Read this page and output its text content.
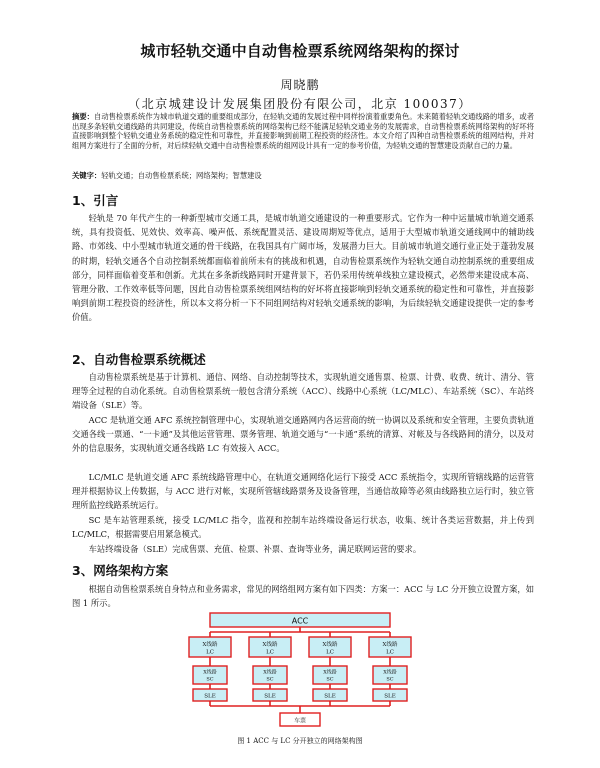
城市轻轨交通中自动售检票系统网络架构的探讨
周晓鹏
（北京城建设计发展集团股份有限公司，北京 100037）
摘要：自动售检票系统作为城市轨道交通的重要组成部分，在轻轨交通的发展过程中同样扮演着重要角色。未来随着轻轨交通线路的增多，或者出现多条轻轨交通线路的共同建设，传统自动售检票系统的网络架构已经不能满足轻轨交通业务的发展需求，自动售检票系统网络架构的好坏将直接影响到整个轻轨交通业务系统的稳定性和可靠性，并直接影响到前期工程投资的经济性。本文介绍了四种自动售检票系统的组网结构，并对组网方案进行了全面的分析，对后续轻轨交通中自动售检票系统的组网设计具有一定的参考价值，为轻轨交通的智慧建设贡献自己的力量。
关键字：轻轨交通；自动售检票系统；网络架构；智慧建设
1、引言
轻轨是 70 年代产生的一种新型城市交通工具，是城市轨道交通建设的一种重要形式。它作为一种中运量城市轨道交通系统，具有投资低、见效快、效率高、噪声低、系统配置灵活、建设周期短等优点，适用于大型城市轨道交通线网中的辅助线路、市郊线、中小型城市轨道交通的骨干线路，在我国具有广阔市场，发展潜力巨大。目前城市轨道交通行业正处于蓬勃发展的时期，轻轨交通各个自动控制系统都面临着前所未有的挑战和机遇，自动售检票系统作为轻轨交通自动控制系统的重要组成部分，同样面临着变革和创新。尤其在多条新线路同时开建背景下，若仍采用传统单线独立建设模式，必然带来建设成本高、管理分散、工作效率低等问题，因此自动售检票系统组网结构的好坏将直接影响到轻轨交通系统的稳定性和可靠性，并直接影响到前期工程投资的经济性，所以本文将分析一下不同组网结构对轻轨交通系统的影响，为后续轻轨交通建设提供一定的参考价值。
2、自动售检票系统概述
自动售检票系统是基于计算机、通信、网络、自动控制等技术，实现轨道交通售票、检票、计费、收费、统计、清分、管理等全过程的自动化系统。自动售检票系统一般包含清分系统（ACC）、线路中心系统（LC/MLC）、车站系统（SC）、车站终端设备（SLE）等。
ACC 是轨道交通 AFC 系统控制管理中心，实现轨道交通路网内各运营商的统一协调以及系统和安全管理，主要负责轨道交通各线一票通、“一卡通”及其他运营管理、票务管理、轨道交通与“一卡通”系统的清算、对帐及与各线路间的清分，以及对外的信息服务，实现轨道交通各线路 LC 有效接入 ACC。
LC/MLC 是轨道交通 AFC 系统线路管理中心，在轨道交通网络化运行下接受 ACC 系统指令，实现所管辖线路的运营管理并根据协议上传数据，与 ACC 进行对帐，实现所管辖线路票务及设备管理，当通信故障等必须由线路独立运行时，独立管理所监控线路系统运行。
SC 是车站管理系统，接受 LC/MLC 指令，监视和控制车站终端设备运行状态，收集、统计各类运营数据，并上传到 LC/MLC，根据需要启用紧急模式。
车站终端设备（SLE）完成售票、充值、检票、补票、查询等业务，满足联网运营的要求。
3、网络架构方案
根据自动售检票系统自身特点和业务需求，常见的网络组网方案有如下四类：方案一：ACC 与 LC 分开独立设置方案，如图 1 所示。
ACC
X线路
LC
X线路
LC
X线路
LC
X线路
LC
X线路
SC
X线路
SC
X线路
SC
X线路
SC
SLE	SLE	SLE	SLE
车票
图 1 ACC 与 LC 分开独立的网络架构图
